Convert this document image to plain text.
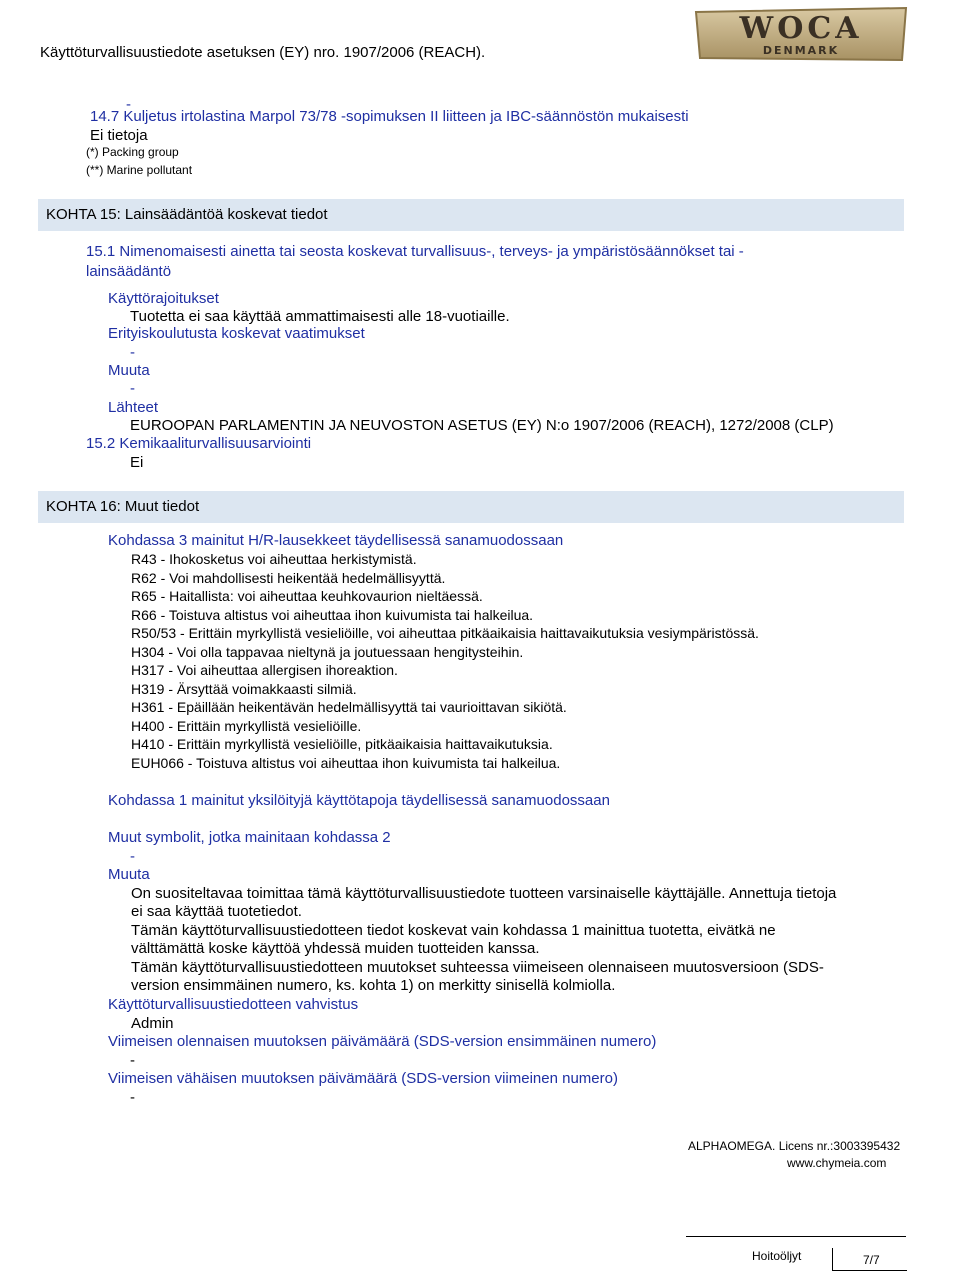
Käyttöturvallisuustiedote asetuksen (EY) nro. 1907/2006 (REACH).
WOCA
DENMARK
-
14.7 Kuljetus irtolastina Marpol 73/78 -sopimuksen II liitteen ja IBC-säännöstön mukaisesti
Ei tietoja
(*) Packing group
(**) Marine pollutant
KOHTA 15: Lainsäädäntöä koskevat tiedot
15.1 Nimenomaisesti ainetta tai seosta koskevat turvallisuus-, terveys- ja ympäristösäännökset tai -
lainsäädäntö
Käyttörajoitukset
Tuotetta ei saa käyttää ammattimaisesti alle 18-vuotiaille.
Erityiskoulutusta koskevat vaatimukset
-
Muuta
-
Lähteet
EUROOPAN PARLAMENTIN JA NEUVOSTON ASETUS (EY) N:o 1907/2006 (REACH), 1272/2008 (CLP)
15.2 Kemikaaliturvallisuusarviointi
Ei
KOHTA 16: Muut tiedot
Kohdassa 3 mainitut H/R-lausekkeet täydellisessä sanamuodossaan
R43 - Ihokosketus voi aiheuttaa herkistymistä.
R62 - Voi mahdollisesti heikentää hedelmällisyyttä.
R65 - Haitallista: voi aiheuttaa keuhkovaurion nieltäessä.
R66 - Toistuva altistus voi aiheuttaa ihon kuivumista tai halkeilua.
R50/53 - Erittäin myrkyllistä vesieliöille, voi aiheuttaa pitkäaikaisia haittavaikutuksia vesiympäristössä.
H304 - Voi olla tappavaa nieltynä ja joutuessaan hengitysteihin.
H317 - Voi aiheuttaa allergisen ihoreaktion.
H319 - Ärsyttää voimakkaasti silmiä.
H361 - Epäillään heikentävän hedelmällisyyttä tai vaurioittavan sikiötä.
H400 - Erittäin myrkyllistä vesieliöille.
H410 - Erittäin myrkyllistä vesieliöille, pitkäaikaisia haittavaikutuksia.
EUH066 - Toistuva altistus voi aiheuttaa ihon kuivumista tai halkeilua.
Kohdassa 1 mainitut yksilöityjä käyttötapoja täydellisessä sanamuodossaan
Muut symbolit, jotka mainitaan kohdassa 2
-
Muuta
On suositeltavaa toimittaa tämä käyttöturvallisuustiedote tuotteen varsinaiselle käyttäjälle. Annettuja tietoja
ei saa käyttää tuotetiedot.
Tämän käyttöturvallisuustiedotteen tiedot koskevat vain kohdassa 1 mainittua tuotetta, eivätkä ne
välttämättä koske käyttöä yhdessä muiden tuotteiden kanssa.
Tämän käyttöturvallisuustiedotteen muutokset suhteessa viimeiseen olennaiseen muutosversioon (SDS-
version ensimmäinen numero, ks. kohta 1) on merkitty sinisellä kolmiolla.
Käyttöturvallisuustiedotteen vahvistus
Admin
Viimeisen olennaisen muutoksen päivämäärä (SDS-version ensimmäinen numero)
-
Viimeisen vähäisen muutoksen päivämäärä (SDS-version viimeinen numero)
-
ALPHAOMEGA. Licens nr.:3003395432
www.chymeia.com
Hoitoöljyt	7/7
